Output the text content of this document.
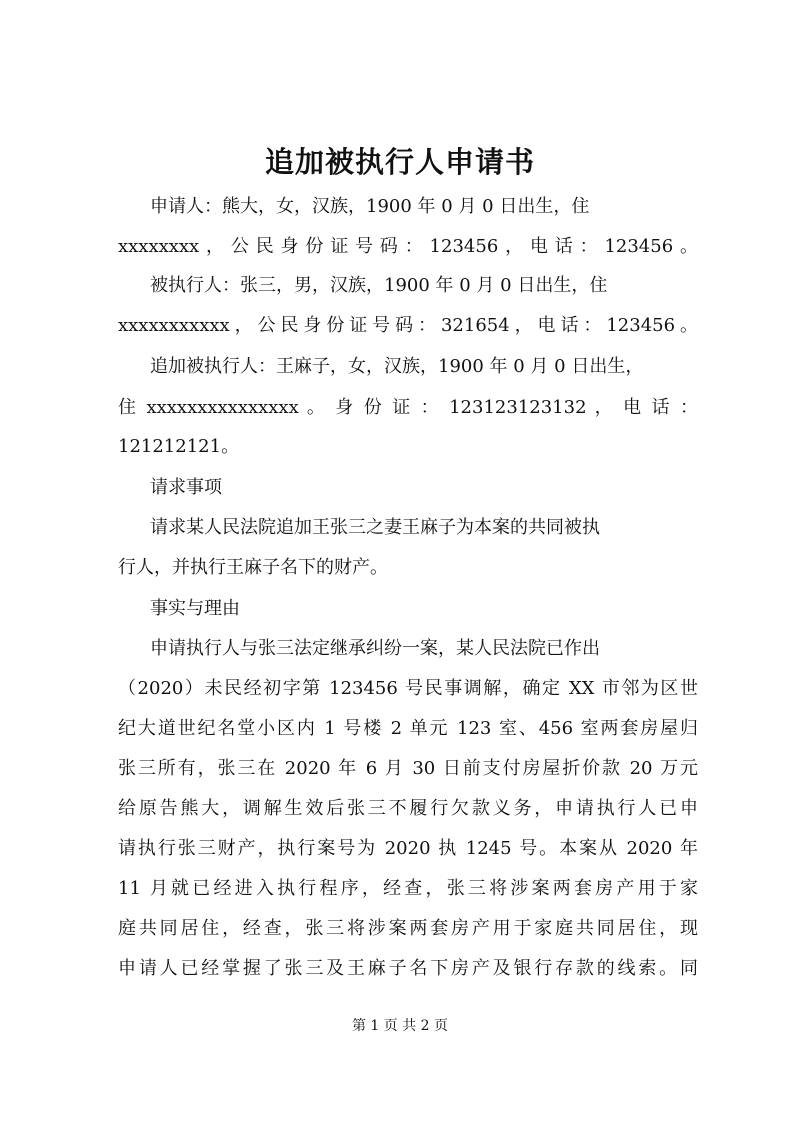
追加被执行人申请书
申请人：熊大，女，汉族，1900 年 0 月 0 日出生，住
xxxxxxxx，公民身份证号码：123456，电话：123456。
被执行人：张三，男，汉族，1900 年 0 月 0 日出生，住
xxxxxxxxxxx，公民身份证号码：321654，电话：123456。
追加被执行人：王麻子，女，汉族，1900 年 0 月 0 日出生，
住 xxxxxxxxxxxxxxx 。 身 份 证 ： 123123123132 ， 电 话 ：
121212121。
请求事项
请求某人民法院追加王张三之妻王麻子为本案的共同被执
行人，并执行王麻子名下的财产。
事实与理由
申请执行人与张三法定继承纠纷一案，某人民法院已作出
（2020）未民经初字第 123456 号民事调解，确定 XX 市邻为区世
纪大道世纪名堂小区内 1 号楼 2 单元 123 室、456 室两套房屋归
张三所有，张三在 2020 年 6 月 30 日前支付房屋折价款 20 万元
给原告熊大，调解生效后张三不履行欠款义务，申请执行人已申
请执行张三财产，执行案号为 2020 执 1245 号。本案从 2020 年
11 月就已经进入执行程序，经查，张三将涉案两套房产用于家
庭共同居住，经查，张三将涉案两套房产用于家庭共同居住，现
申请人已经掌握了张三及王麻子名下房产及银行存款的线索。同
第 1 页 共 2 页
